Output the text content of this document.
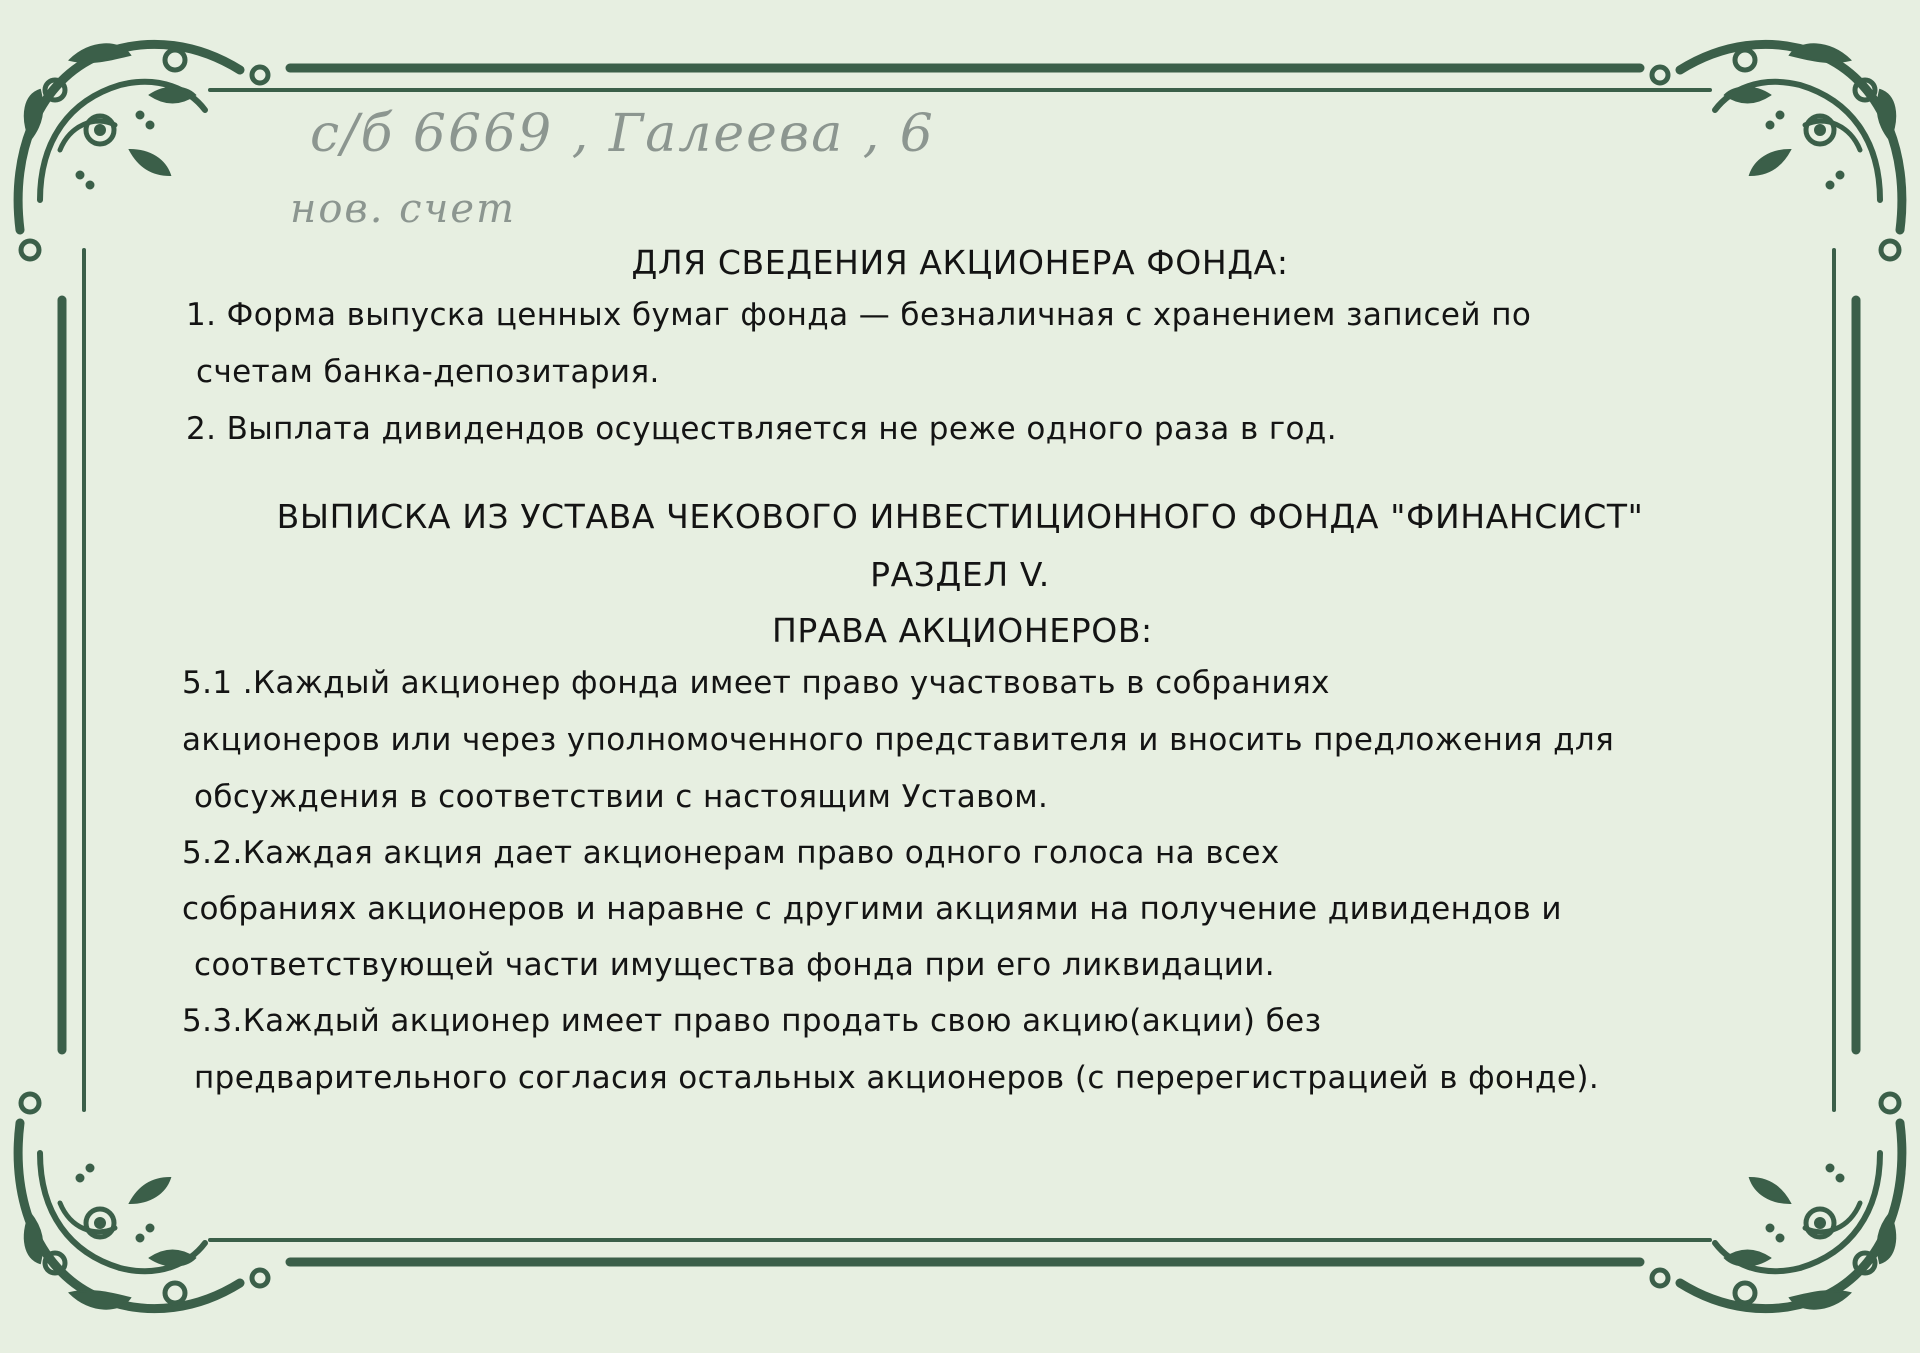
с/б 6669 , Галеева , 6
нов. счет
ДЛЯ СВЕДЕНИЯ АКЦИОНЕРА ФОНДА:
1. Форма выпуска ценных бумаг фонда — безналичная с хранением записей по
счетам банка-депозитария.
2. Выплата дивидендов осуществляется не реже одного раза в год.
ВЫПИСКА ИЗ УСТАВА ЧЕКОВОГО ИНВЕСТИЦИОННОГО ФОНДА "ФИНАНСИСТ"
РАЗДЕЛ V.
ПРАВА АКЦИОНЕРОВ:
5.1 .Каждый акционер фонда имеет право участвовать в собраниях
акционеров или через уполномоченного представителя и вносить предложения для
обсуждения в соответствии с настоящим Уставом.
5.2.Каждая акция дает акционерам право одного голоса на всех
собраниях акционеров и наравне с другими акциями на получение дивидендов и
соответствующей части имущества фонда при его ликвидации.
5.3.Каждый акционер имеет право продать свою акцию(акции) без
предварительного согласия остальных акционеров (с перерегистрацией в фонде).
